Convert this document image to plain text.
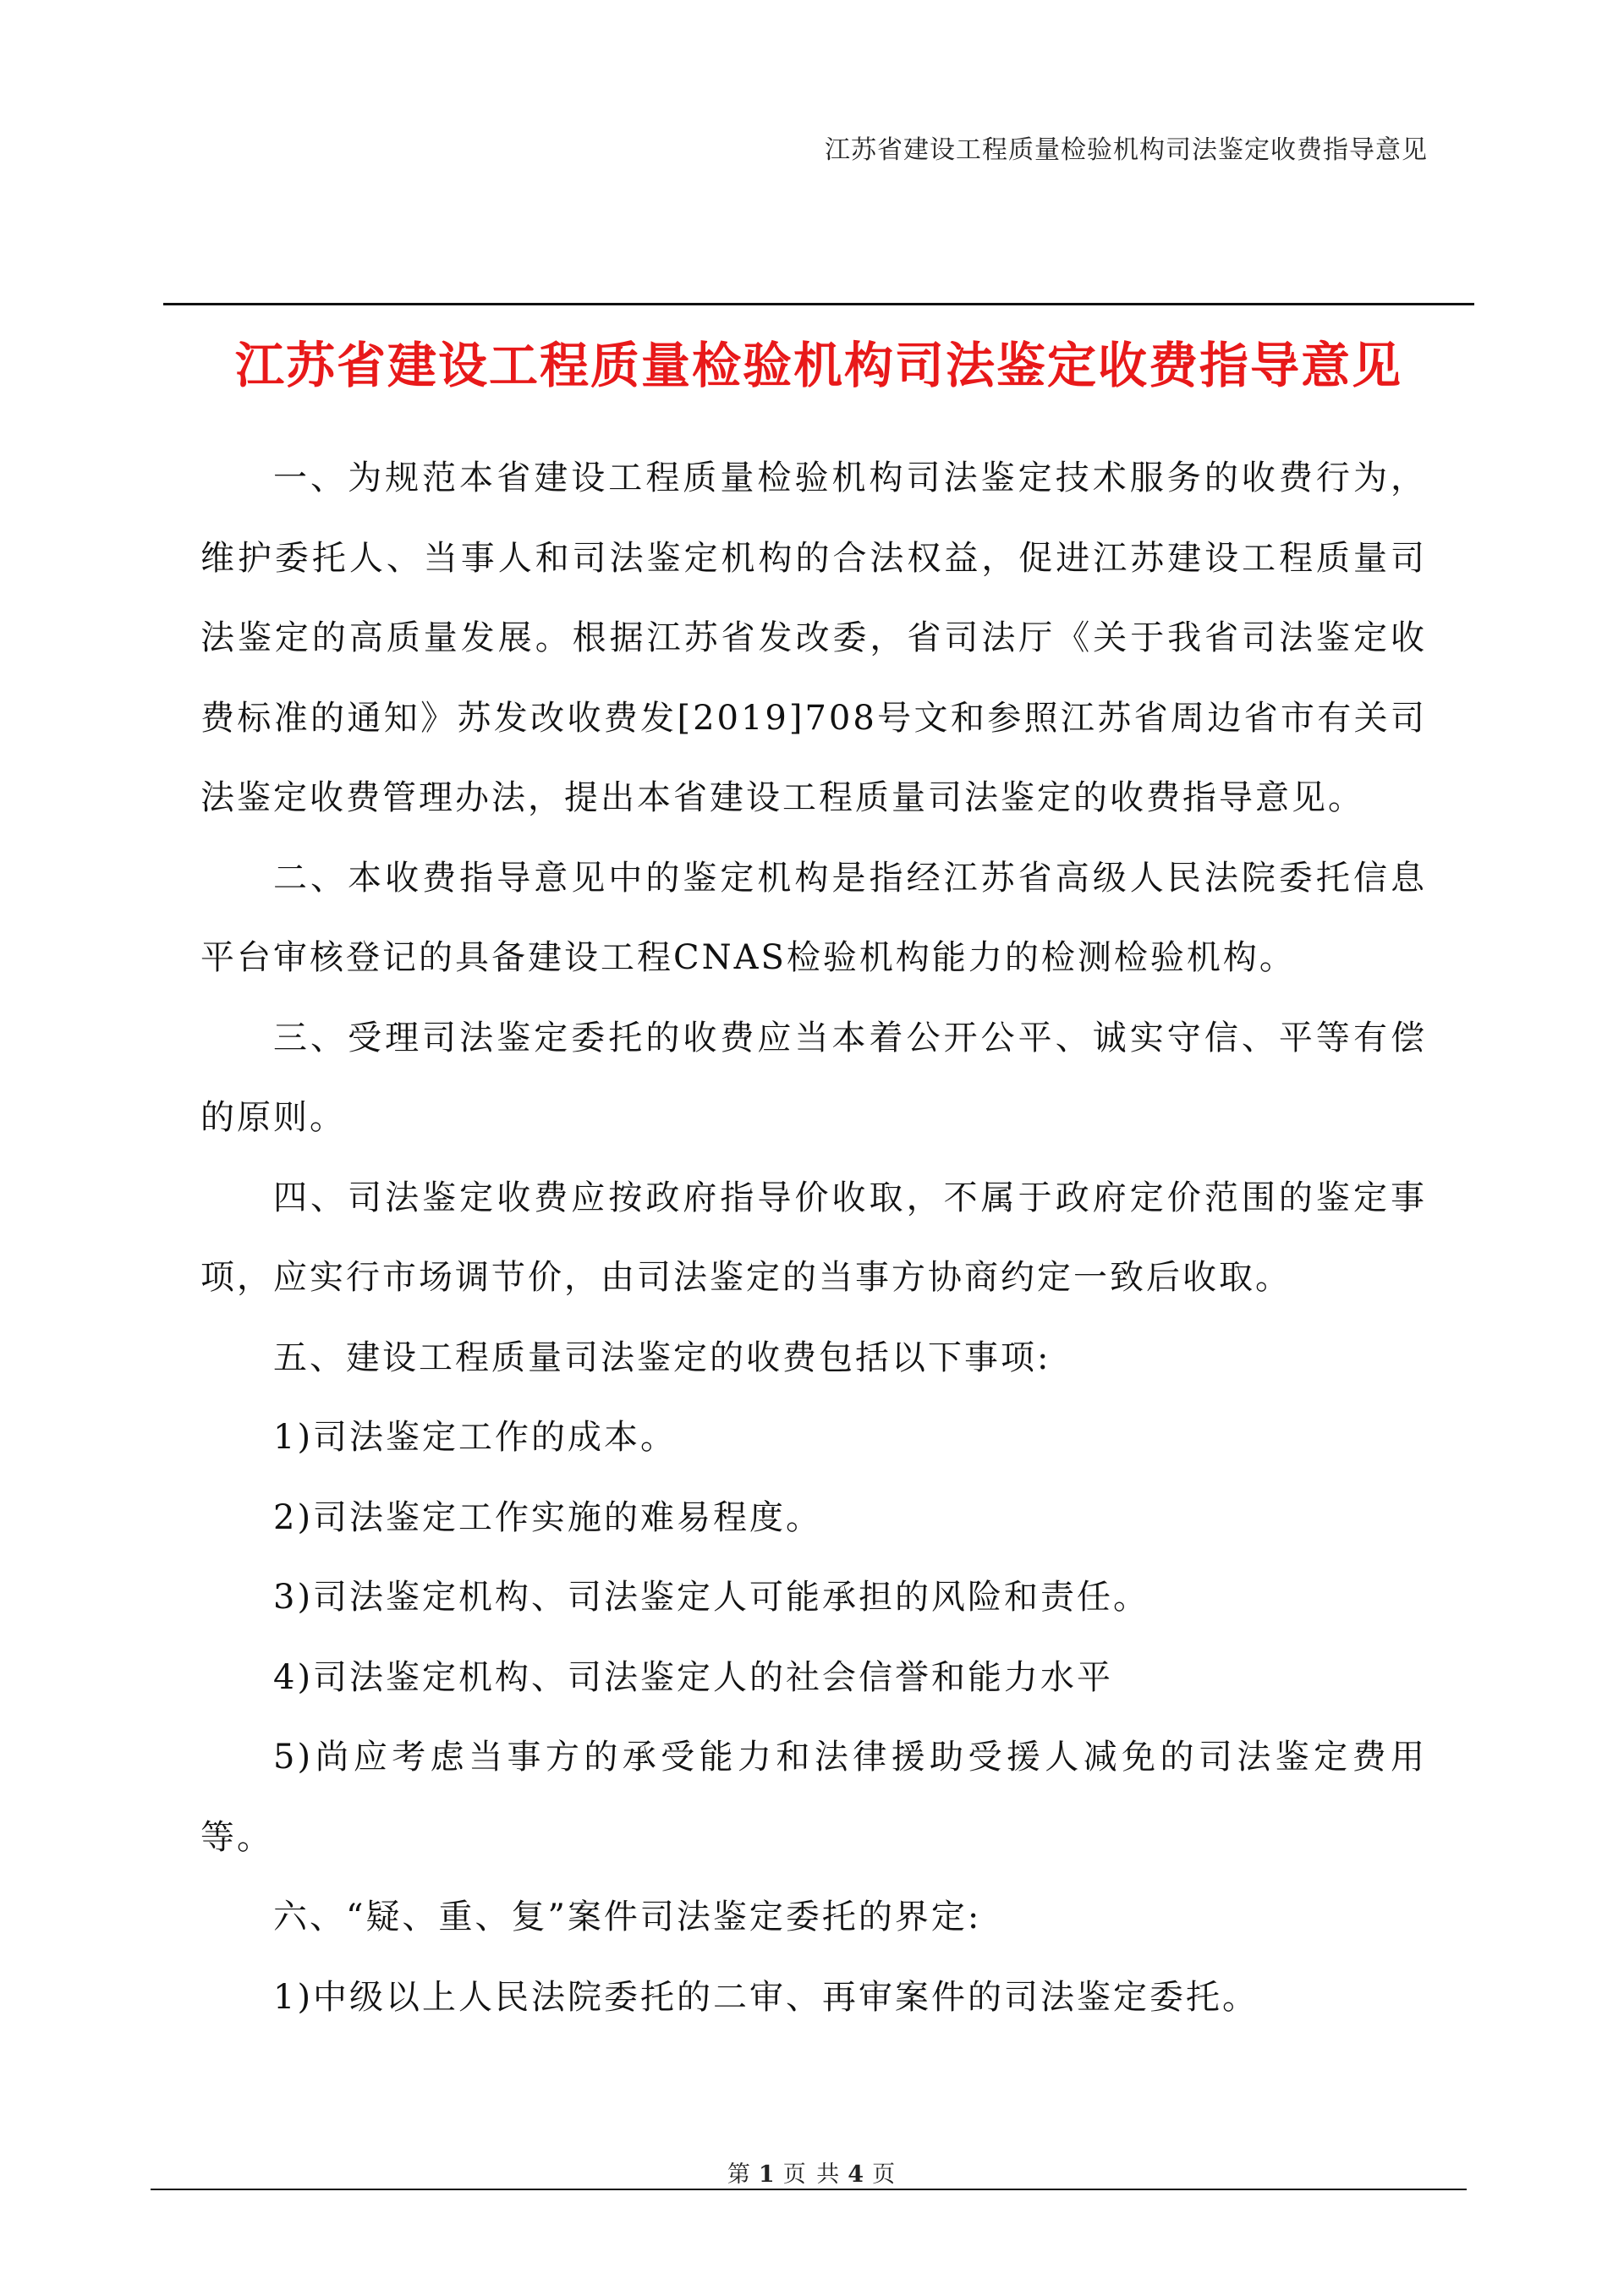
江苏省建设工程质量检验机构司法鉴定收费指导意见
江苏省建设工程质量检验机构司法鉴定收费指导意见

一、为规范本省建设工程质量检验机构司法鉴定技术服务的收费行为，维护委托人、当事人和司法鉴定机构的合法权益，促进江苏建设工程质量司法鉴定的高质量发展。根据江苏省发改委，省司法厅《关于我省司法鉴定收费标准的通知》苏发改收费发[2019]708号文和参照江苏省周边省市有关司法鉴定收费管理办法，提出本省建设工程质量司法鉴定的收费指导意见。

二、本收费指导意见中的鉴定机构是指经江苏省高级人民法院委托信息平台审核登记的具备建设工程CNAS检验机构能力的检测检验机构。

三、受理司法鉴定委托的收费应当本着公开公平、诚实守信、平等有偿的原则。

四、司法鉴定收费应按政府指导价收取，不属于政府定价范围的鉴定事项，应实行市场调节价，由司法鉴定的当事方协商约定一致后收取。

五、建设工程质量司法鉴定的收费包括以下事项:

1)司法鉴定工作的成本。

2)司法鉴定工作实施的难易程度。

3)司法鉴定机构、司法鉴定人可能承担的风险和责任。

4)司法鉴定机构、司法鉴定人的社会信誉和能力水平

5)尚应考虑当事方的承受能力和法律援助受援人减免的司法鉴定费用等。

六、“疑、重、复”案件司法鉴定委托的界定:

1)中级以上人民法院委托的二审、再审案件的司法鉴定委托。

第 1 页 共 4 页
